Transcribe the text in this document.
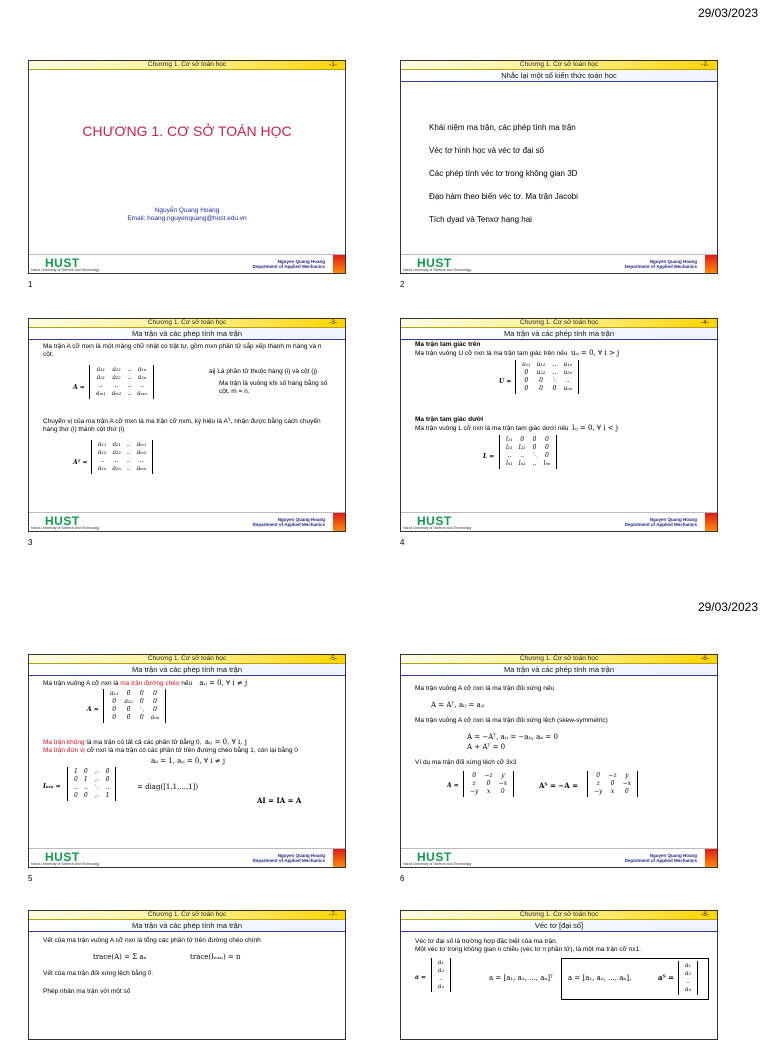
29/03/2023
29/03/2023
Chương 1. Cơ sở toán học	-1-
CHƯƠNG 1. CƠ SỞ TOÁN HỌC
Nguyễn Quang Hoàng
Email: hoang.nguyenquang@hust.edu.vn
HUST
Hanoi University of Science and Technology
Nguyen Quang Hoang
Department of Applied Mechanics
1
Chương 1. Cơ sở toán học	-2-
Nhắc lại một số kiến thức toán học
Khái niệm ma trận, các phép tính ma trận
Véc tơ hình học và véc tơ đại số
Các phép tính véc tơ trong không gian 3D
Đạo hàm theo biến véc tơ. Ma trận Jacobi
Tích dyad và Tenxơ hạng hai
HUST
Hanoi University of Science and Technology
Nguyen Quang Hoang
Department of Applied Mechanics
2
Chương 1. Cơ sở toán học	-3-
Ma trận và các phép tính ma trận
Ma trận A cỡ mxn là một mảng chữ nhật có trật tự, gồm mxn phần tử sắp xếp thành m hàng và n cột.
A =
a₁₁	a₁₂	..	a₁ₙ
a₂₁	a₂₂	..	a₂ₙ
..	..	..	..
aₘ₁	aₘ₂	..	aₘₙ
aij Là phần tử thuộc hàng (i) và cột (j)
Ma trận là vuông khi số hàng bằng số cột, m = n.
Chuyển vị của ma trận A cỡ mxn là ma trận cỡ nxm, ký hiệu là Aᵀ, nhận được bằng cách chuyển hàng thứ (i) thành cột thứ (i)
Aᵀ =
a₁₁	a₂₁	..	aₘ₁
a₁₂	a₂₂	..	aₘ₂
..	..	..	..
a₁ₙ	a₂ₙ	..	aₘₙ
HUST
Hanoi University of Science and Technology
Nguyen Quang Hoang
Department of Applied Mechanics
3
Chương 1. Cơ sở toán học	-4-
Ma trận và các phép tính ma trận
Ma trận tam giác trên
Ma trận vuông U cỡ nxn là ma trận tam giác trên nếu uᵢⱼ = 0, ∀ i > j
U =
u₁₁	u₁₂	..	u₁ₙ
0	u₂₂	..	u₂ₙ
0	0	⋱	..
0	0	0	uₙₙ
Ma trận tam giác dưới
Ma trận vuông L cỡ nxn là ma trận tam giác dưới nếu lᵢⱼ = 0, ∀ i < j
L =
l₁₁	0	0	0
l₂₁	l₂₂	0	0
..	..	⋱	0
lₙ₁	lₙ₂	..	lₙₙ
HUST
Hanoi University of Science and Technology
Nguyen Quang Hoang
Department of Applied Mechanics
4
Chương 1. Cơ sở toán học	-5-
Ma trận và các phép tính ma trận
Ma trận vuông A cỡ nxn là ma trận đường chéo nếu aᵢⱼ = 0, ∀ i ≠ j
A =
a₁₁	0	0	0
0	a₂₂	0	0
0	0	⋱	0
0	0	0	aₙₙ
Ma trận không là ma trận có tất cả các phần tử bằng 0, aᵢⱼ = 0, ∀ i, j
Ma trận đơn vị cỡ nxn là ma trận có các phần tử trên đường chéo bằng 1, còn lại bằng 0
aᵢᵢ = 1, aᵢⱼ = 0, ∀ i ≠ j
Iₙₓₙ =
1	0	..	0
0	1	..	0
..	..	⋱	..
0	0	..	1
= diag([1,1,...,1])
AI = IA = A
HUST
Hanoi University of Science and Technology
Nguyen Quang Hoang
Department of Applied Mechanics
5
Chương 1. Cơ sở toán học	-6-
Ma trận và các phép tính ma trận
Ma trận vuông A cỡ nxn là ma trận đối xứng nếu
A = Aᵀ, aᵢⱼ = aⱼᵢ
Ma trận vuông A cỡ nxn là ma trận đối xứng lệch (skew-symmetric)
A = −Aᵀ, aᵢⱼ = −aⱼᵢ, aᵢᵢ = 0
A + Aᵀ = 0
Ví dụ ma trận đối xứng lệch cỡ 3x3
A =
0	−z	y
z	0	−x
−y	x	0
Aᵀ = −A =
0	−z	y
z	0	−x
−y	x	0
HUST
Hanoi University of Science and Technology
Nguyen Quang Hoang
Department of Applied Mechanics
6
Chương 1. Cơ sở toán học	-7-
Ma trận và các phép tính ma trận
Vết của ma trận vuông A cỡ nxn là tổng các phần tử trên đường chéo chính
trace(A) = Σ aᵢᵢ	trace(Iₙₓₙ) = n
Vết của ma trận đối xứng lệch bằng 0.
Phép nhân ma trận với một số
Chương 1. Cơ sở toán học	-8-
Véc tơ [đại số]
Véc tơ đại số là trường hợp đặc biệt của ma trận.
Một véc tơ trong không gian n chiều (véc tơ n phần tử), là một ma trận cỡ nx1.
a =
a₁
a₂
..
aₙ
a = [a₁, a₂, ..., aₙ]ᵀ a = [a₁, a₂, ..., aₙ],	aᵀ =
a₁
a₂
..
aₙ
